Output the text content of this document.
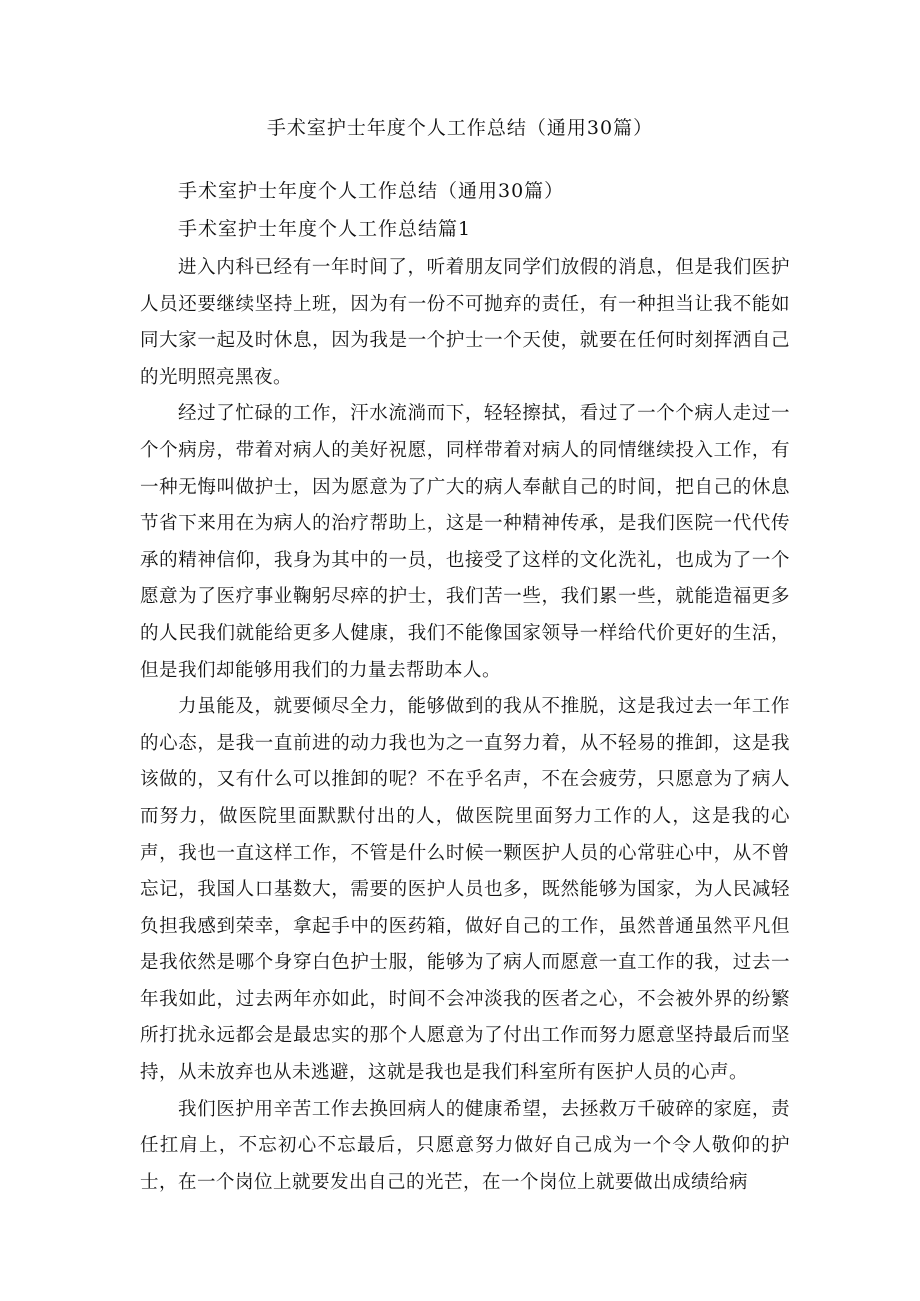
手术室护士年度个人工作总结（通用30篇）
手术室护士年度个人工作总结（通用30篇）
手术室护士年度个人工作总结篇1

进入内科已经有一年时间了，听着朋友同学们放假的消息，但是我们医护人员还要继续坚持上班，因为有一份不可抛弃的责任，有一种担当让我不能如同大家一起及时休息，因为我是一个护士一个天使，就要在任何时刻挥洒自己的光明照亮黑夜。

经过了忙碌的工作，汗水流淌而下，轻轻擦拭，看过了一个个病人走过一个个病房，带着对病人的美好祝愿，同样带着对病人的同情继续投入工作，有一种无悔叫做护士，因为愿意为了广大的病人奉献自己的时间，把自己的休息节省下来用在为病人的治疗帮助上，这是一种精神传承，是我们医院一代代传承的精神信仰，我身为其中的一员，也接受了这样的文化洗礼，也成为了一个愿意为了医疗事业鞠躬尽瘁的护士，我们苦一些，我们累一些，就能造福更多的人民我们就能给更多人健康，我们不能像国家领导一样给代价更好的生活，但是我们却能够用我们的力量去帮助本人。

力虽能及，就要倾尽全力，能够做到的我从不推脱，这是我过去一年工作的心态，是我一直前进的动力我也为之一直努力着，从不轻易的推卸，这是我该做的，又有什么可以推卸的呢？不在乎名声，不在会疲劳，只愿意为了病人而努力，做医院里面默默付出的人，做医院里面努力工作的人，这是我的心声，我也一直这样工作，不管是什么时候一颗医护人员的心常驻心中，从不曾忘记，我国人口基数大，需要的医护人员也多，既然能够为国家，为人民减轻负担我感到荣幸，拿起手中的医药箱，做好自己的工作，虽然普通虽然平凡但是我依然是哪个身穿白色护士服，能够为了病人而愿意一直工作的我，过去一年我如此，过去两年亦如此，时间不会冲淡我的医者之心，不会被外界的纷繁所打扰永远都会是最忠实的那个人愿意为了付出工作而努力愿意坚持最后而坚持，从未放弃也从未逃避，这就是我也是我们科室所有医护人员的心声。

我们医护用辛苦工作去换回病人的健康希望，去拯救万千破碎的家庭，责任扛肩上，不忘初心不忘最后，只愿意努力做好自己成为一个令人敬仰的护士，在一个岗位上就要发出自己的光芒，在一个岗位上就要做出成绩给病
